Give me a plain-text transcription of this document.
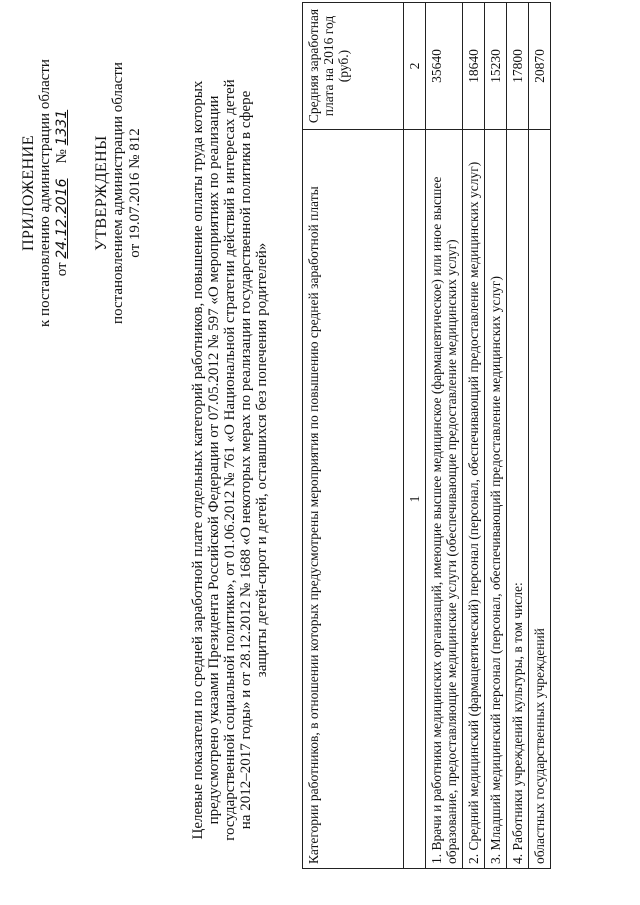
ПРИЛОЖЕНИЕ к постановлению администрации области от 24.12.2016    № 1331
УТВЕРЖДЕНЫ постановлением администрации области от 19.07.2016 № 812	Целевые показатели по средней заработной плате отдельных категорий работников, повышение оплаты труда которых предусмотрено указами Президента Российской Федерации от 07.05.2012 № 597 «О мероприятиях по реализации государственной социальной политики», от 01.06.2012 № 761 «О Национальной стратегии действий в интересах детей на 2012–2017 годы» и от 28.12.2012 № 1688 «О некоторых мерах по реализации государственной политики в сфере защиты детей-сирот и детей, оставшихся без попечения родителей»	Категории работников, в отношении которых предусмотрены мероприятия по повышению средней заработной платы	Средняя заработная плата на 2016 год (руб.)
1	2
1. Врачи и работники медицинских организаций, имеющие высшее медицинское (фармацевтическое) или иное высшее образование, предоставляющие медицинские услуги (обеспечивающие предоставление медицинских услуг)	35640
2. Средний медицинский (фармацевтический) персонал (персонал, обеспечивающий предоставление медицинских услуг)	18640
3. Младший медицинский персонал (персонал, обеспечивающий предоставление медицинских услуг)	15230
4. Работники учреждений культуры, в том числе:	17800
областных государственных учреждений	20870
